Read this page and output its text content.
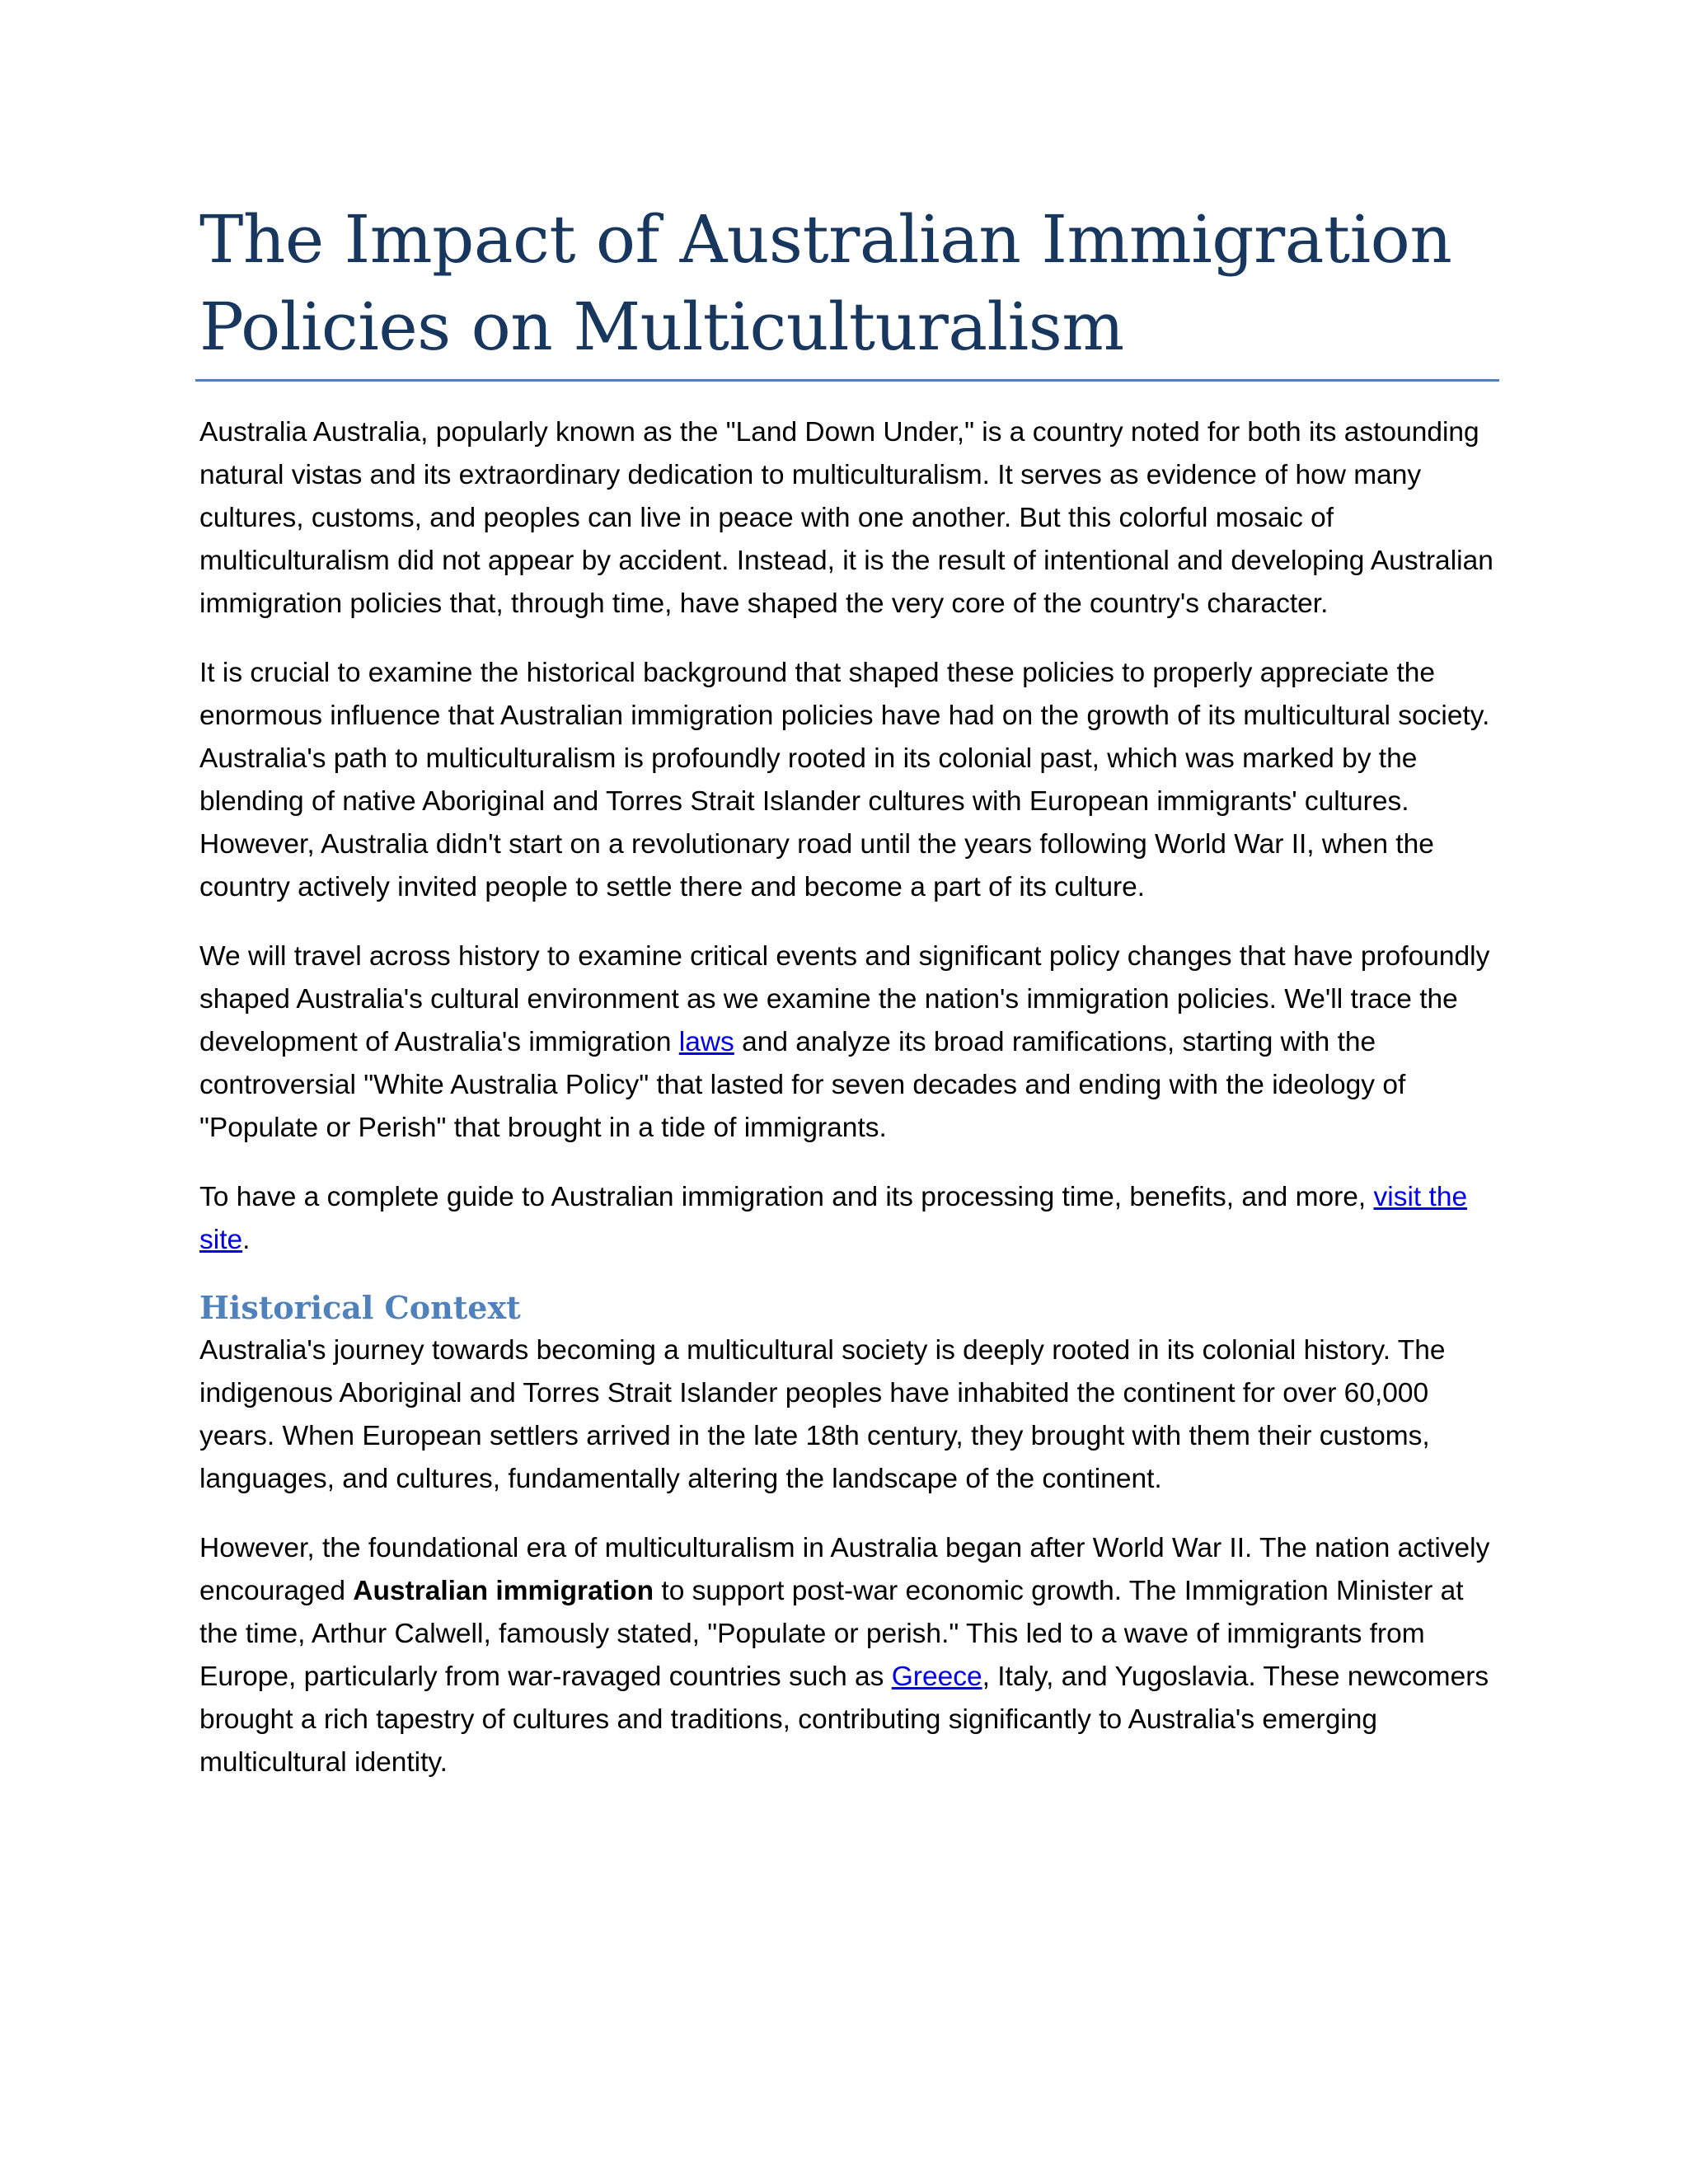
The Impact of Australian Immigration Policies on Multiculturalism

Australia Australia, popularly known as the "Land Down Under," is a country noted for both its astounding natural vistas and its extraordinary dedication to multiculturalism. It serves as evidence of how many cultures, customs, and peoples can live in peace with one another. But this colorful mosaic of multiculturalism did not appear by accident. Instead, it is the result of intentional and developing Australian immigration policies that, through time, have shaped the very core of the country's character.

It is crucial to examine the historical background that shaped these policies to properly appreciate the enormous influence that Australian immigration policies have had on the growth of its multicultural society. Australia's path to multiculturalism is profoundly rooted in its colonial past, which was marked by the blending of native Aboriginal and Torres Strait Islander cultures with European immigrants' cultures. However, Australia didn't start on a revolutionary road until the years following World War II, when the country actively invited people to settle there and become a part of its culture.

We will travel across history to examine critical events and significant policy changes that have profoundly shaped Australia's cultural environment as we examine the nation's immigration policies. We'll trace the development of Australia's immigration laws and analyze its broad ramifications, starting with the controversial "White Australia Policy" that lasted for seven decades and ending with the ideology of "Populate or Perish" that brought in a tide of immigrants.

To have a complete guide to Australian immigration and its processing time, benefits, and more, visit the site.

Historical Context

Australia's journey towards becoming a multicultural society is deeply rooted in its colonial history. The indigenous Aboriginal and Torres Strait Islander peoples have inhabited the continent for over 60,000 years. When European settlers arrived in the late 18th century, they brought with them their customs, languages, and cultures, fundamentally altering the landscape of the continent.

However, the foundational era of multiculturalism in Australia began after World War II. The nation actively encouraged Australian immigration to support post-war economic growth. The Immigration Minister at the time, Arthur Calwell, famously stated, "Populate or perish." This led to a wave of immigrants from Europe, particularly from war-ravaged countries such as Greece, Italy, and Yugoslavia. These newcomers brought a rich tapestry of cultures and traditions, contributing significantly to Australia's emerging multicultural identity.
